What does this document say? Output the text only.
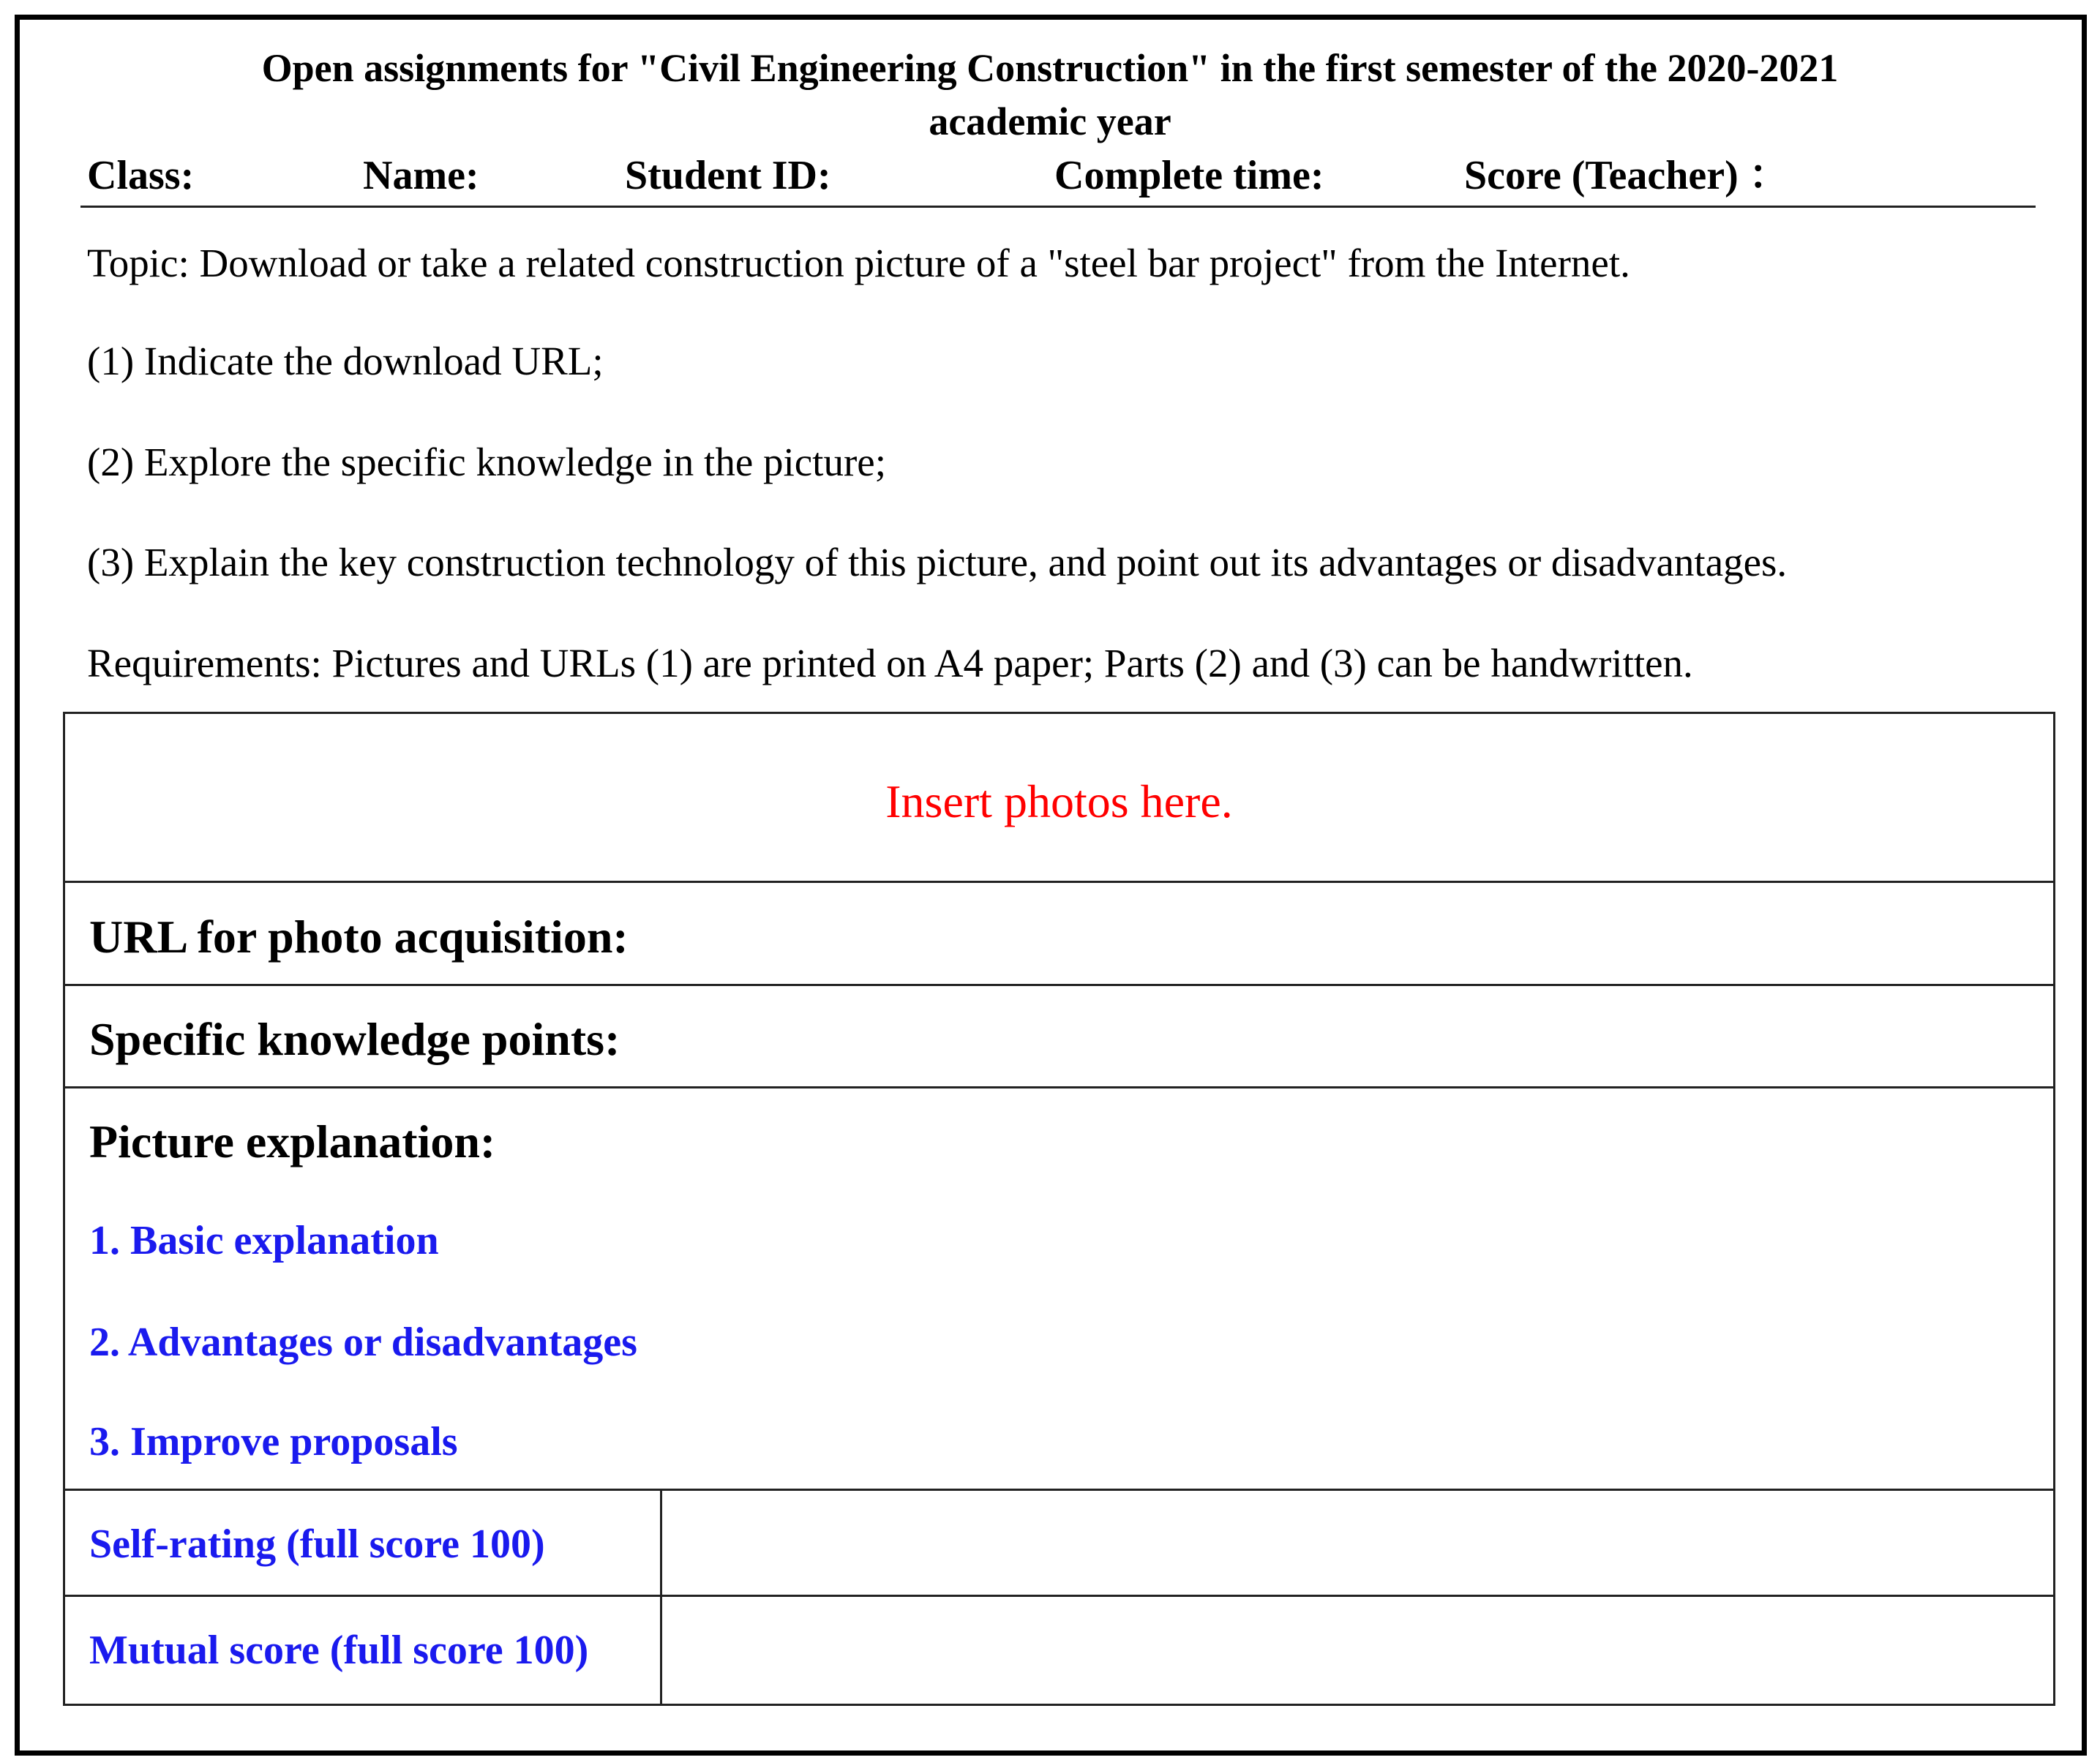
Open assignments for "Civil Engineering Construction" in the first semester of the 2020-2021
academic year
Class:	Name:	Student ID:	Complete time:	Score (Teacher) ：
Topic: Download or take a related construction picture of a "steel bar project" from the Internet.
(1) Indicate the download URL;
(2) Explore the specific knowledge in the picture;
(3) Explain the key construction technology of this picture, and point out its advantages or disadvantages.
Requirements: Pictures and URLs (1) are printed on A4 paper; Parts (2) and (3) can be handwritten.
Insert photos here.
URL for photo acquisition:
Specific knowledge points:
Picture explanation:
1. Basic explanation
2. Advantages or disadvantages
3. Improve proposals
Self-rating (full score 100)
Mutual score (full score 100)
